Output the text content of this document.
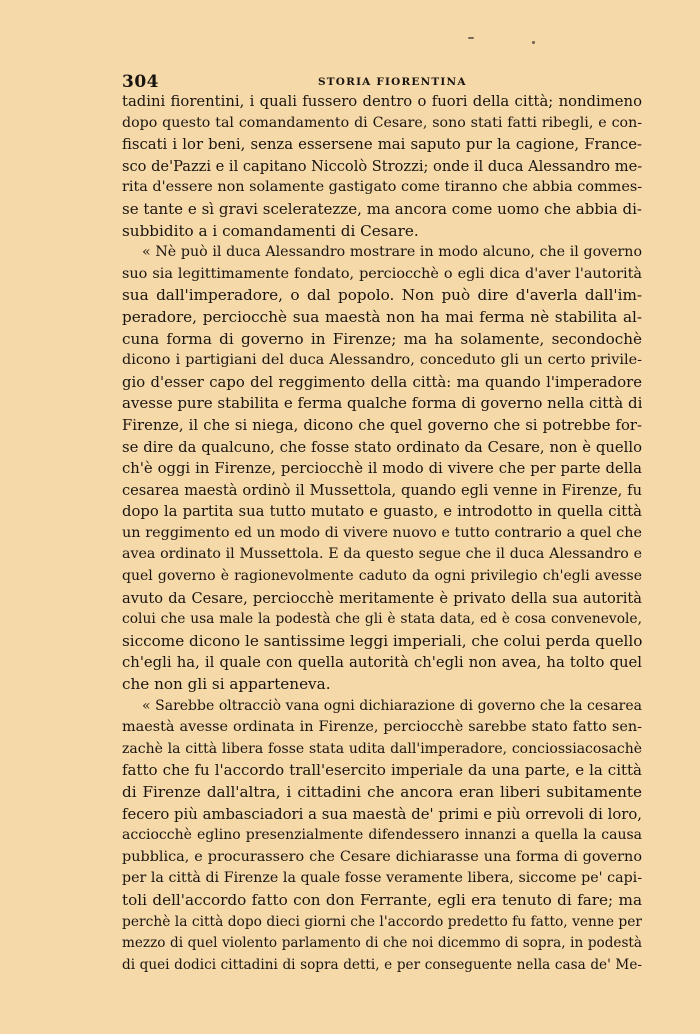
304	STORIA FIORENTINA
tadini fiorentini, i quali fussero dentro o fuori della città; nondimeno
dopo questo tal comandamento di Cesare, sono stati fatti ribegli, e con-
fiscati i lor beni, senza essersene mai saputo pur la cagione, France-
sco de'Pazzi e il capitano Niccolò Strozzi; onde il duca Alessandro me-
rita d'essere non solamente gastigato come tiranno che abbia commes-
se tante e sì gravi sceleratezze, ma ancora come uomo che abbia di-
subbidito a i comandamenti di Cesare.
« Nè può il duca Alessandro mostrare in modo alcuno, che il governo
suo sia legittimamente fondato, perciocchè o egli dica d'aver l'autorità
sua dall'imperadore, o dal popolo. Non può dire d'averla dall'im-
peradore, perciocchè sua maestà non ha mai ferma nè stabilita al-
cuna forma di governo in Firenze; ma ha solamente, secondochè
dicono i partigiani del duca Alessandro, conceduto gli un certo privile-
gio d'esser capo del reggimento della città: ma quando l'imperadore
avesse pure stabilita e ferma qualche forma di governo nella città di
Firenze, il che si niega, dicono che quel governo che si potrebbe for-
se dire da qualcuno, che fosse stato ordinato da Cesare, non è quello
ch'è oggi in Firenze, perciocchè il modo di vivere che per parte della
cesarea maestà ordinò il Mussettola, quando egli venne in Firenze, fu
dopo la partita sua tutto mutato e guasto, e introdotto in quella città
un reggimento ed un modo di vivere nuovo e tutto contrario a quel che
avea ordinato il Mussettola. E da questo segue che il duca Alessandro e
quel governo è ragionevolmente caduto da ogni privilegio ch'egli avesse
avuto da Cesare, perciocchè meritamente è privato della sua autorità
colui che usa male la podestà che gli è stata data, ed è cosa convenevole,
siccome dicono le santissime leggi imperiali, che colui perda quello
ch'egli ha, il quale con quella autorità ch'egli non avea, ha tolto quel
che non gli si apparteneva.
« Sarebbe oltracciò vana ogni dichiarazione di governo che la cesarea
maestà avesse ordinata in Firenze, perciocchè sarebbe stato fatto sen-
zachè la città libera fosse stata udita dall'imperadore, conciossiacosachè
fatto che fu l'accordo trall'esercito imperiale da una parte, e la città
di Firenze dall'altra, i cittadini che ancora eran liberi subitamente
fecero più ambasciadori a sua maestà de' primi e più orrevoli di loro,
acciocchè eglino presenzialmente difendessero innanzi a quella la causa
pubblica, e procurassero che Cesare dichiarasse una forma di governo
per la città di Firenze la quale fosse veramente libera, siccome pe' capi-
toli dell'accordo fatto con don Ferrante, egli era tenuto di fare; ma
perchè la città dopo dieci giorni che l'accordo predetto fu fatto, venne per
mezzo di quel violento parlamento di che noi dicemmo di sopra, in podestà
di quei dodici cittadini di sopra detti, e per conseguente nella casa de' Me-
